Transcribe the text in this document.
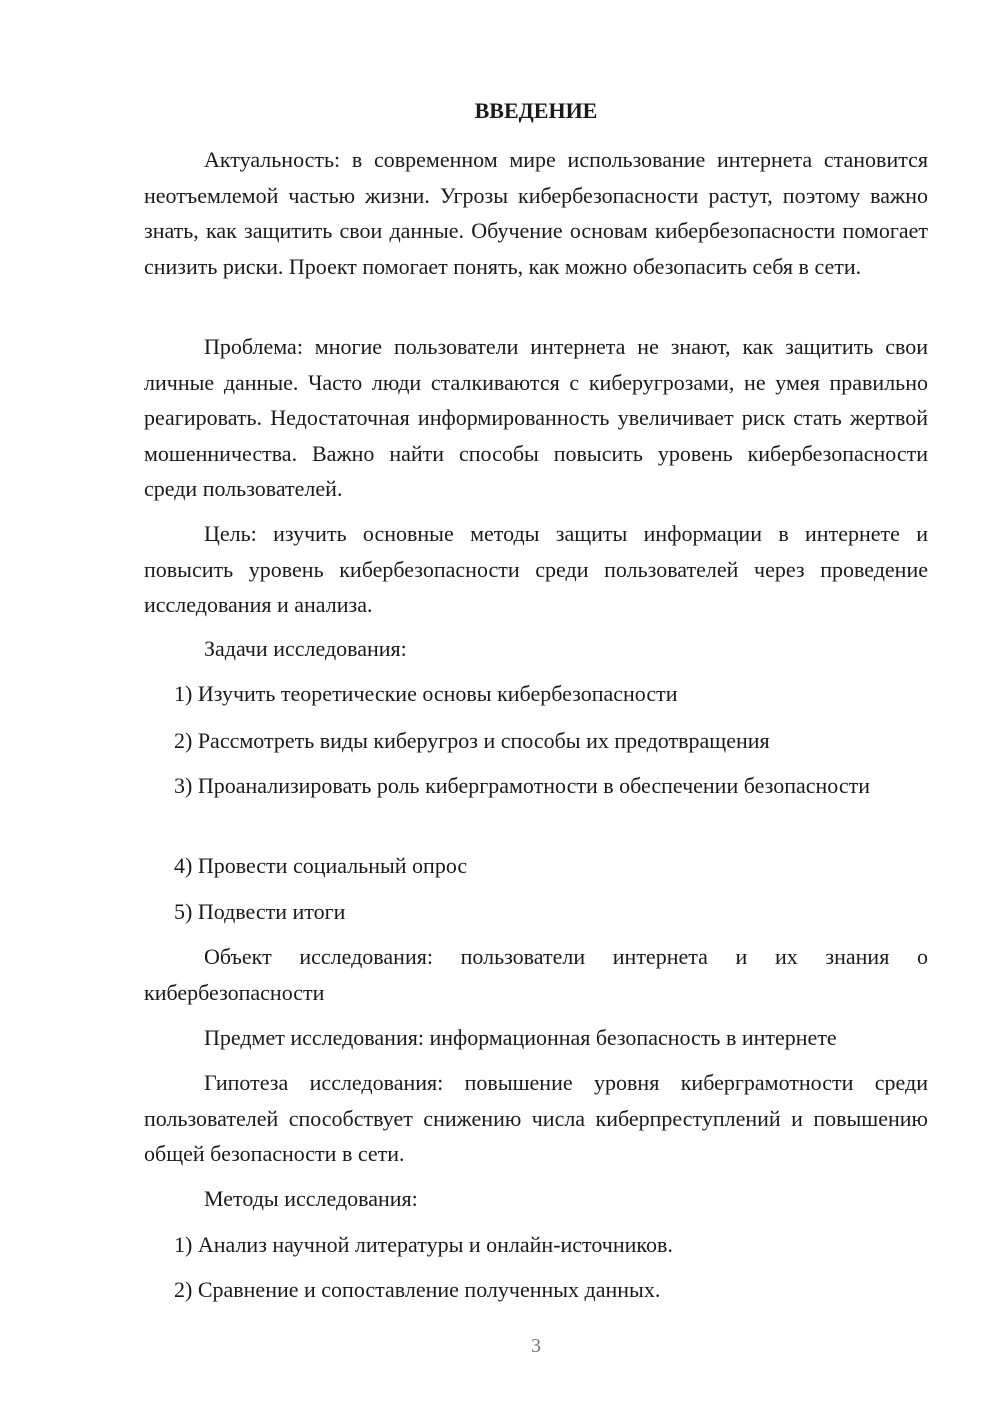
ВВЕДЕНИЕ

Актуальность: в современном мире использование интернета становится неотъемлемой частью жизни. Угрозы кибербезопасности растут, поэтому важно знать, как защитить свои данные. Обучение основам кибербезопасности помогает снизить риски. Проект помогает понять, как можно обезопасить себя в сети.

Проблема: многие пользователи интернета не знают, как защитить свои личные данные. Часто люди сталкиваются с киберугрозами, не умея правильно реагировать. Недостаточная информированность увеличивает риск стать жертвой мошенничества. Важно найти способы повысить уровень кибербезопасности среди пользователей.

Цель: изучить основные методы защиты информации в интернете и повысить уровень кибербезопасности среди пользователей через проведение исследования и анализа.

Задачи исследования:

1) Изучить теоретические основы кибербезопасности

2) Рассмотреть виды киберугроз и способы их предотвращения

3) Проанализировать роль киберграмотности в обеспечении безопасности

4) Провести социальный опрос

5) Подвести итоги

Объект исследования: пользователи интернета и их знания о кибербезопасности

Предмет исследования: информационная безопасность в интернете

Гипотеза исследования: повышение уровня киберграмотности среди пользователей способствует снижению числа киберпреступлений и повышению общей безопасности в сети.

Методы исследования:

1) Анализ научной литературы и онлайн-источников.

2) Сравнение и сопоставление полученных данных.

3
